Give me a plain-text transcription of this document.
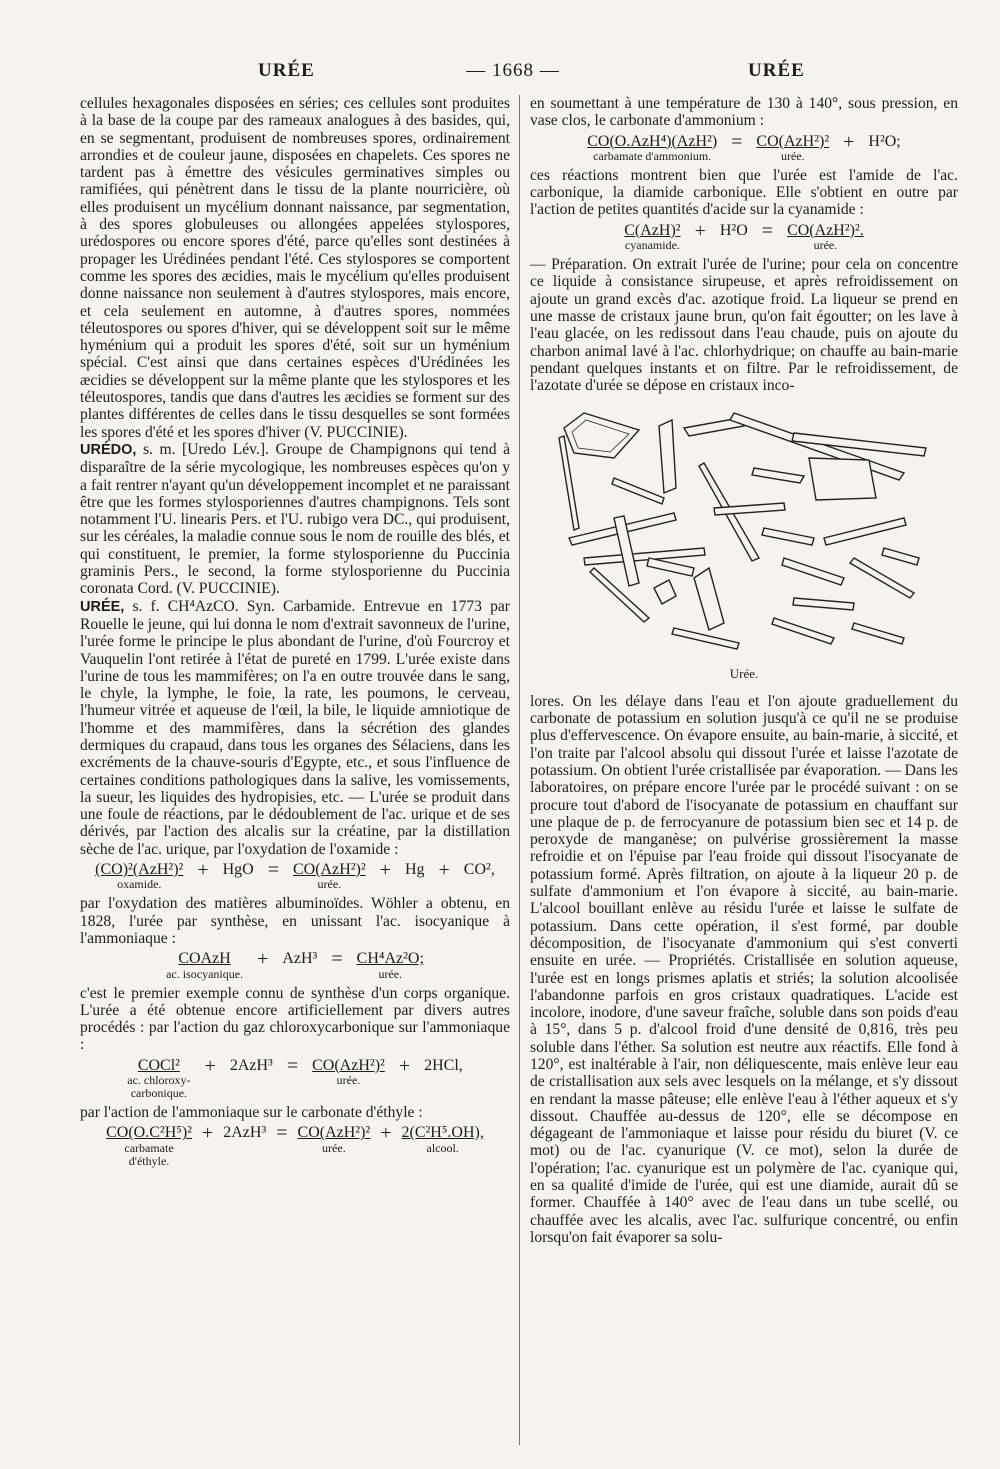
URÉE	— 1668 —	URÉE

cellules hexagonales disposées en séries; ces cellules sont produites à la base de la coupe par des rameaux analogues à des basides, qui, en se segmentant, produisent de nombreuses spores, ordinairement arrondies et de couleur jaune, disposées en chapelets. Ces spores ne tardent pas à émettre des vésicules germinatives simples ou ramifiées, qui pénètrent dans le tissu de la plante nourricière, où elles produisent un mycélium donnant naissance, par segmentation, à des spores globuleuses ou allongées appelées stylospores, urédospores ou encore spores d'été, parce qu'elles sont destinées à propager les Urédinées pendant l'été. Ces stylospores se comportent comme les spores des æcidies, mais le mycélium qu'elles produisent donne naissance non seulement à d'autres stylospores, mais encore, et cela seulement en automne, à d'autres spores, nommées téleutospores ou spores d'hiver, qui se développent soit sur le même hyménium qui a produit les spores d'été, soit sur un hyménium spécial. C'est ainsi que dans certaines espèces d'Urédinées les æcidies se développent sur la même plante que les stylospores et les téleutospores, tandis que dans d'autres les æcidies se forment sur des plantes différentes de celles dans le tissu desquelles se sont formées les spores d'été et les spores d'hiver (V. PUCCINIE).

URÉDO, s. m. [Uredo Lév.]. Groupe de Champignons qui tend à disparaître de la série mycologique, les nombreuses espèces qu'on y a fait rentrer n'ayant qu'un développement incomplet et ne paraissant être que les formes stylosporiennes d'autres champignons. Tels sont notamment l'U. linearis Pers. et l'U. rubigo vera DC., qui produisent, sur les céréales, la maladie connue sous le nom de rouille des blés, et qui constituent, le premier, la forme stylosporienne du Puccinia graminis Pers., le second, la forme stylosporienne du Puccinia coronata Cord. (V. PUCCINIE).

URÉE, s. f. CH⁴AzCO. Syn. Carbamide. Entrevue en 1773 par Rouelle le jeune, qui lui donna le nom d'extrait savonneux de l'urine, l'urée forme le principe le plus abondant de l'urine, d'où Fourcroy et Vauquelin l'ont retirée à l'état de pureté en 1799. L'urée existe dans l'urine de tous les mammifères; on l'a en outre trouvée dans le sang, le chyle, la lymphe, le foie, la rate, les poumons, le cerveau, l'humeur vitrée et aqueuse de l'œil, la bile, le liquide amniotique de l'homme et des mammifères, dans la sécrétion des glandes dermiques du crapaud, dans tous les organes des Sélaciens, dans les excréments de la chauve-souris d'Egypte, etc., et sous l'influence de certaines conditions pathologiques dans la salive, les vomissements, la sueur, les liquides des hydropisies, etc. — L'urée se produit dans une foule de réactions, par le dédoublement de l'ac. urique et de ses dérivés, par l'action des alcalis sur la créatine, par la distillation sèche de l'ac. urique, par l'oxydation de l'oxamide :

(CO)²(AzH²)²
oxamide.
+ HgO = CO(AzH²)²
urée.
+ Hg + CO²,

par l'oxydation des matières albuminoïdes. Wöhler a obtenu, en 1828, l'urée par synthèse, en unissant l'ac. isocyanique à l'ammoniaque :

COAzH
ac. isocyanique.
+ AzH³ = CH⁴Az²O;
urée.

c'est le premier exemple connu de synthèse d'un corps organique. L'urée a été obtenue encore artificiellement par divers autres procédés : par l'action du gaz chloroxycarbonique sur l'ammoniaque :

COCl²
ac. chloroxy-
carbonique.
+ 2AzH³ = CO(AzH²)²
urée.
+ 2HCl,

par l'action de l'ammoniaque sur le carbonate d'éthyle :

CO(O.C²H⁵)²
carbamate
d'éthyle.
+ 2AzH³ = CO(AzH²)²
urée.
+ 2(C²H⁵.OH),
alcool.

en soumettant à une température de 130 à 140°, sous pression, en vase clos, le carbonate d'ammonium :

CO(O.AzH⁴)(AzH²)
carbamate d'ammonium.
= CO(AzH²)²
urée.
+ H²O;

ces réactions montrent bien que l'urée est l'amide de l'ac. carbonique, la diamide carbonique. Elle s'obtient en outre par l'action de petites quantités d'acide sur la cyanamide :

C(AzH)²
cyanamide.
+ H²O = CO(AzH²)².
urée.

— Préparation. On extrait l'urée de l'urine; pour cela on concentre ce liquide à consistance sirupeuse, et après refroidissement on ajoute un grand excès d'ac. azotique froid. La liqueur se prend en une masse de cristaux jaune brun, qu'on fait égoutter; on les lave à l'eau glacée, on les redissout dans l'eau chaude, puis on ajoute du charbon animal lavé à l'ac. chlorhydrique; on chauffe au bain-marie pendant quelques instants et on filtre. Par le refroidissement, de l'azotate d'urée se dépose en cristaux inco-

Urée.

lores. On les délaye dans l'eau et l'on ajoute graduellement du carbonate de potassium en solution jusqu'à ce qu'il ne se produise plus d'effervescence. On évapore ensuite, au bain-marie, à siccité, et l'on traite par l'alcool absolu qui dissout l'urée et laisse l'azotate de potassium. On obtient l'urée cristallisée par évaporation. — Dans les laboratoires, on prépare encore l'urée par le procédé suivant : on se procure tout d'abord de l'isocyanate de potassium en chauffant sur une plaque de p. de ferrocyanure de potassium bien sec et 14 p. de peroxyde de manganèse; on pulvérise grossièrement la masse refroidie et on l'épuise par l'eau froide qui dissout l'isocyanate de potassium formé. Après filtration, on ajoute à la liqueur 20 p. de sulfate d'ammonium et l'on évapore à siccité, au bain-marie. L'alcool bouillant enlève au résidu l'urée et laisse le sulfate de potassium. Dans cette opération, il s'est formé, par double décomposition, de l'isocyanate d'ammonium qui s'est converti ensuite en urée. — Propriétés. Cristallisée en solution aqueuse, l'urée est en longs prismes aplatis et striés; la solution alcoolisée l'abandonne parfois en gros cristaux quadratiques. L'acide est incolore, inodore, d'une saveur fraîche, soluble dans son poids d'eau à 15°, dans 5 p. d'alcool froid d'une densité de 0,816, très peu soluble dans l'éther. Sa solution est neutre aux réactifs. Elle fond à 120°, est inaltérable à l'air, non déliquescente, mais enlève leur eau de cristallisation aux sels avec lesquels on la mélange, et s'y dissout en rendant la masse pâteuse; elle enlève l'eau à l'éther aqueux et s'y dissout. Chauffée au-dessus de 120°, elle se décompose en dégageant de l'ammoniaque et laisse pour résidu du biuret (V. ce mot) ou de l'ac. cyanurique (V. ce mot), selon la durée de l'opération; l'ac. cyanurique est un polymère de l'ac. cyanique qui, en sa qualité d'imide de l'urée, qui est une diamide, aurait dû se former. Chauffée à 140° avec de l'eau dans un tube scellé, ou chauffée avec les alcalis, avec l'ac. sulfurique concentré, ou enfin lorsqu'on fait évaporer sa solu-
